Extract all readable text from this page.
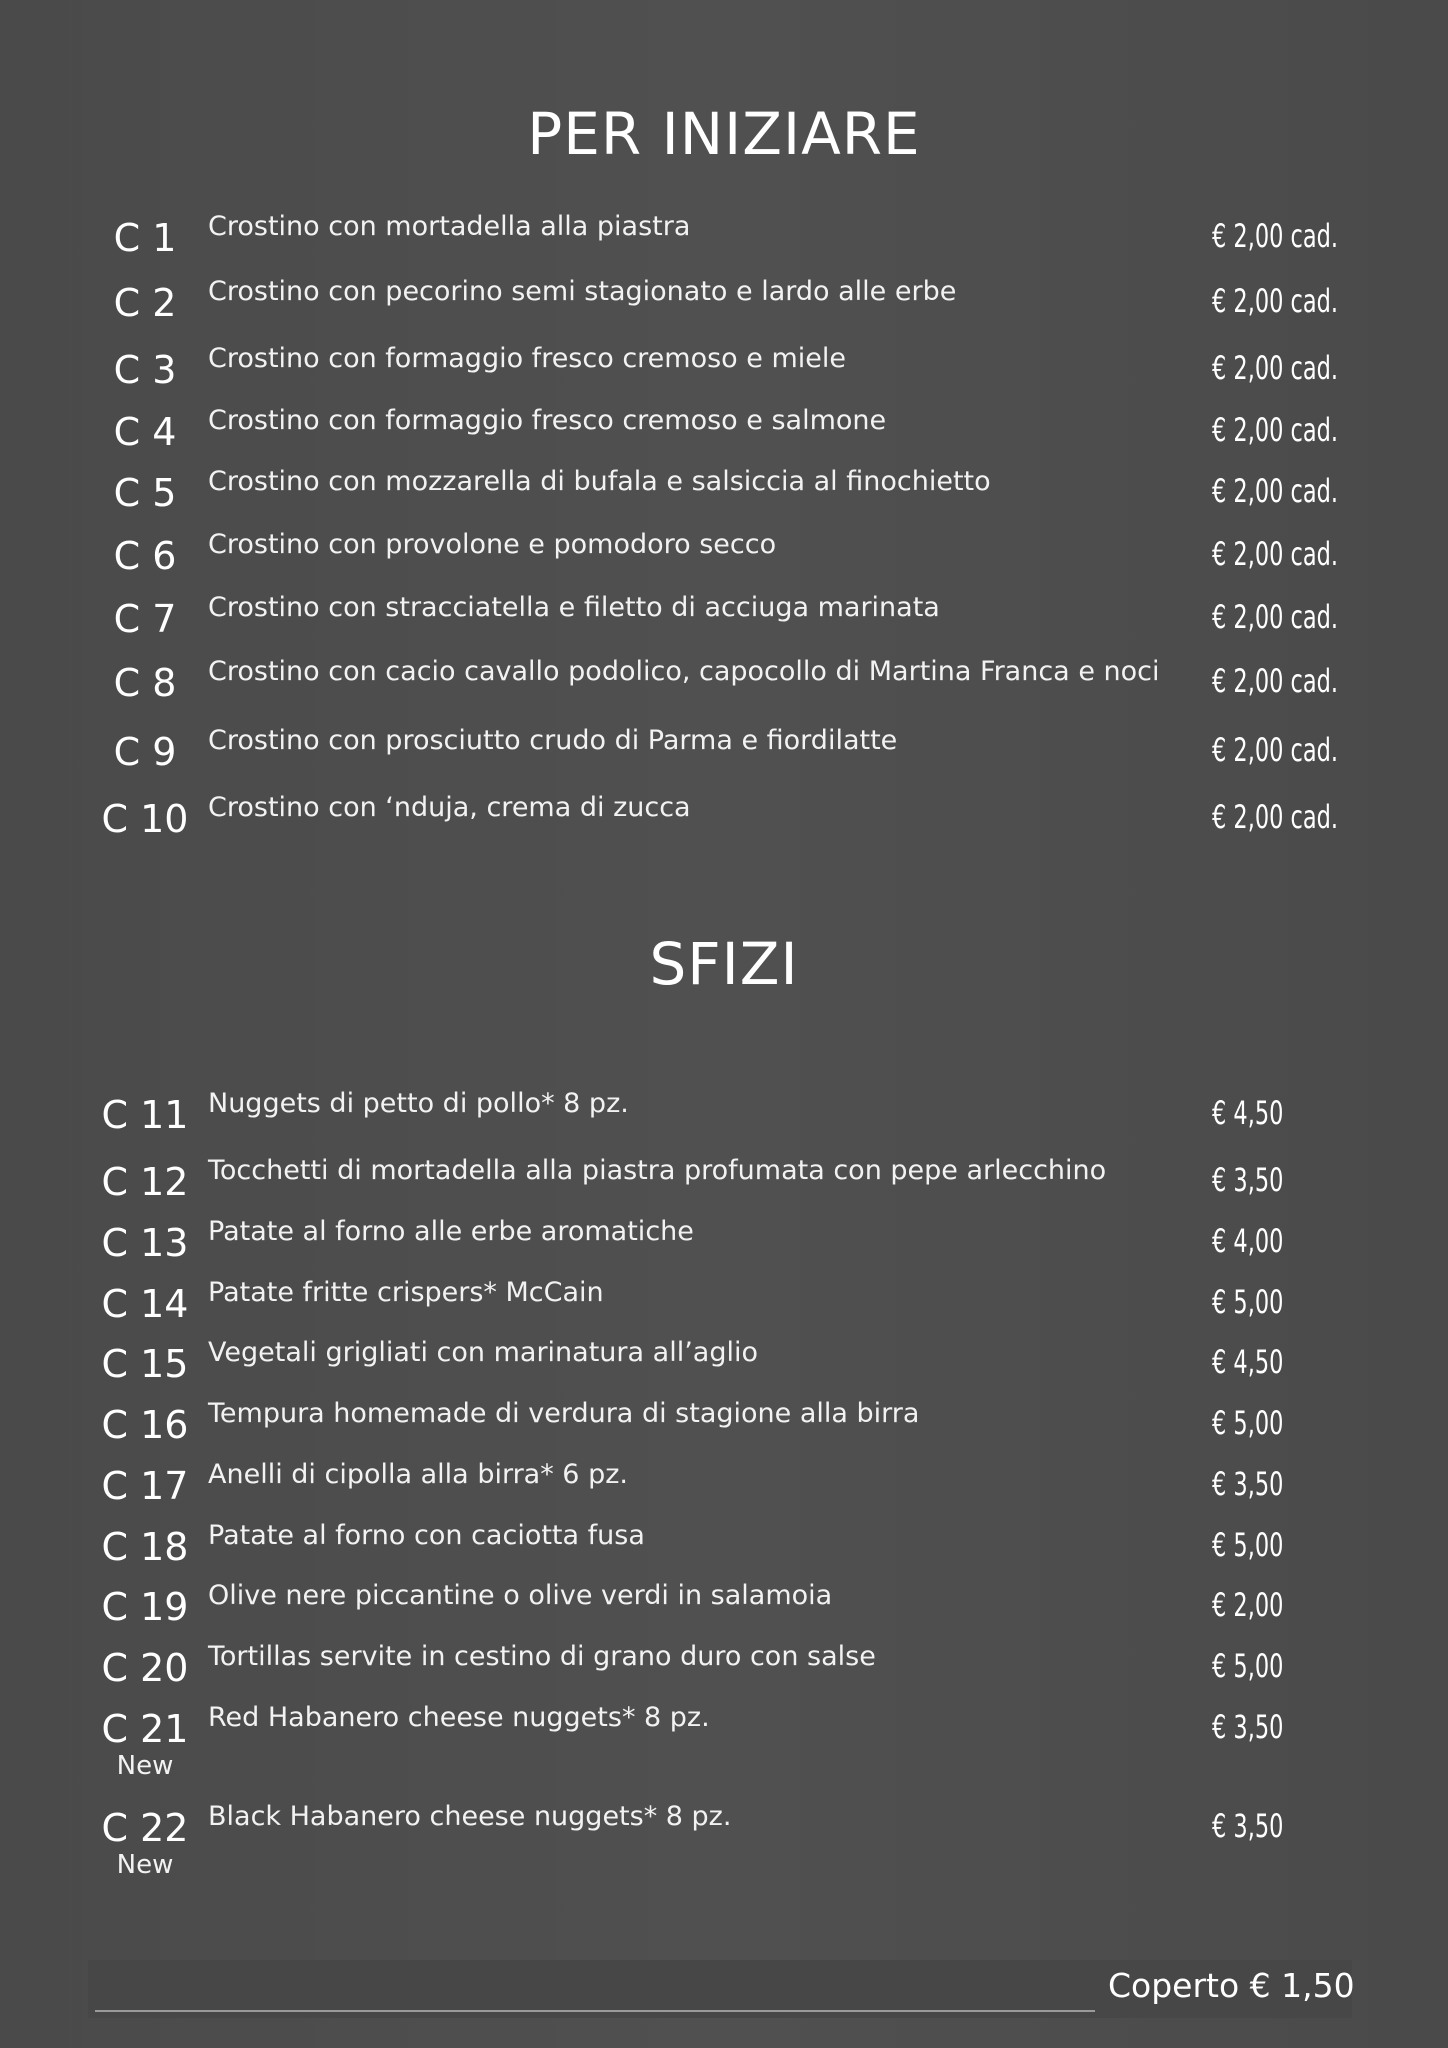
PER INIZIARE
C 1	Crostino con mortadella alla piastra	€ 2,00 cad.
C 2	Crostino con pecorino semi stagionato e lardo alle erbe	€ 2,00 cad.
C 3	Crostino con formaggio fresco cremoso e miele	€ 2,00 cad.
C 4	Crostino con formaggio fresco cremoso e salmone	€ 2,00 cad.
C 5	Crostino con mozzarella di bufala e salsiccia al finochietto	€ 2,00 cad.
C 6	Crostino con provolone e pomodoro secco	€ 2,00 cad.
C 7	Crostino con stracciatella e filetto di acciuga marinata	€ 2,00 cad.
C 8	Crostino con cacio cavallo podolico, capocollo di Martina Franca e noci € 2,00 cad.
C 9	Crostino con prosciutto crudo di Parma e fiordilatte	€ 2,00 cad.
C 10 Crostino con ‘nduja, crema di zucca	€ 2,00 cad.
SFIZI
C 11 Nuggets di petto di pollo* 8 pz.	€ 4,50
C 12 Tocchetti di mortadella alla piastra profumata con pepe arlecchino	€ 3,50
C 13 Patate al forno alle erbe aromatiche	€ 4,00
C 14 Patate fritte crispers* McCain	€ 5,00
C 15 Vegetali grigliati con marinatura all’aglio	€ 4,50
C 16 Tempura homemade di verdura di stagione alla birra	€ 5,00
C 17 Anelli di cipolla alla birra* 6 pz.	€ 3,50
C 18 Patate al forno con caciotta fusa	€ 5,00
C 19 Olive nere piccantine o olive verdi in salamoia	€ 2,00
C 20 Tortillas servite in cestino di grano duro con salse	€ 5,00
C 21 Red Habanero cheese nuggets* 8 pz.	€ 3,50
New
C 22 Black Habanero cheese nuggets* 8 pz.	€ 3,50
New
Coperto € 1,50
